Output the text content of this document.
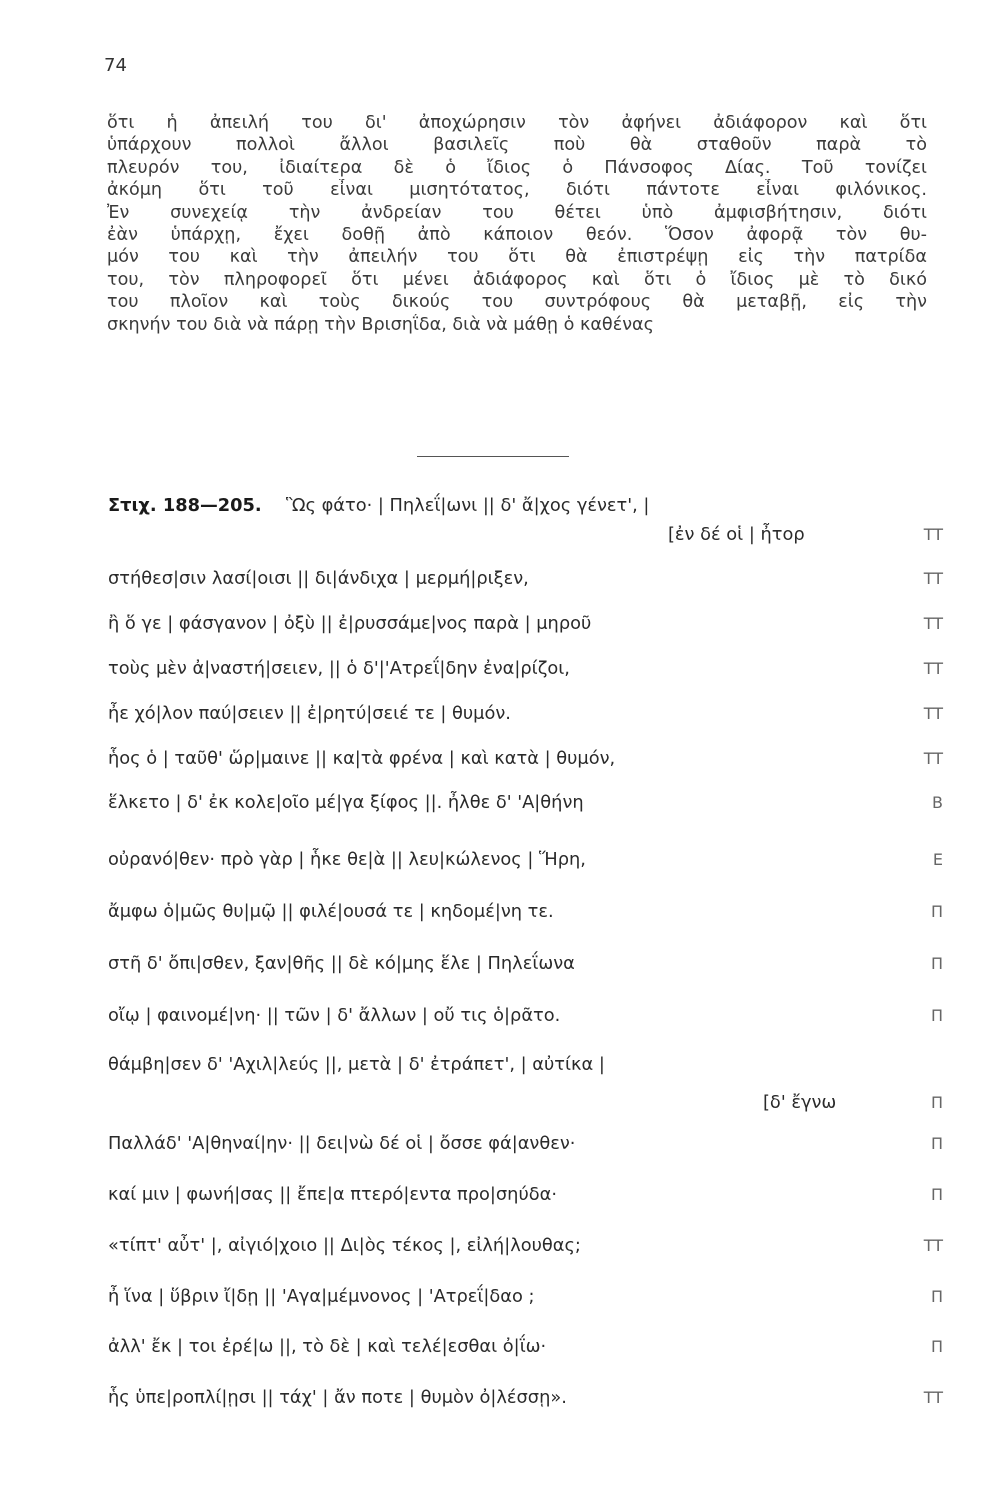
74
ὅτι ἡ ἀπειλή του δι' ἀποχώρησιν τὸν ἀφήνει ἀδιάφορον καὶ ὅτι
ὑπάρχουν πολλοὶ ἄλλοι βασιλεῖς ποὺ θὰ σταθοῦν παρὰ τὸ
πλευρόν του, ἰδιαίτερα δὲ ὁ ἴδιος ὁ Πάνσοφος Δίας. Τοῦ τονίζει
ἀκόμη ὅτι τοῦ εἶναι μισητότατος, διότι πάντοτε εἶναι φιλόνικος.
Ἐν συνεχείᾳ τὴν ἀνδρείαν του θέτει ὑπὸ ἀμφισβήτησιν, διότι
ἐὰν ὑπάρχῃ, ἔχει δοθῇ ἀπὸ κάποιον θεόν. Ὅσον ἀφορᾷ τὸν θυ-
μόν του καὶ τὴν ἀπειλήν του ὅτι θὰ ἐπιστρέψῃ εἰς τὴν πατρίδα
του, τὸν πληροφορεῖ ὅτι μένει ἀδιάφορος καὶ ὅτι ὁ ἴδιος μὲ τὸ δικό
του πλοῖον καὶ τοὺς δικούς του συντρόφους θὰ μεταβῇ, εἰς τὴν
σκηνήν του διὰ νὰ πάρῃ τὴν Βρισηΐδα, διὰ νὰ μάθῃ ὁ καθένας
Στιχ. 188—205. Ὣς φάτο· | Πηλεΐ|ωνι || δ' ἄ|χος γένετ', |
[ἐν δέ οἱ | ἦτορ	TT
στήθεσ|σιν λασί|οισι || δι|άνδιχα | μερμή|ριξεν,	TT
ἢ ὅ γε | φάσγανον | ὀξὺ || ἐ|ρυσσάμε|νος παρὰ | μηροῦ	TT
τοὺς μὲν ἀ|ναστή|σειεν, || ὁ δ'|'Ατρεΐ|δην ἐνα|ρίζοι,	TT
ἦε χό|λον παύ|σειεν || ἐ|ρητύ|σειέ τε | θυμόν.	TT
ἧος ὁ | ταῦθ' ὥρ|μαινε || κα|τὰ φρένα | καὶ κατὰ | θυμόν,	TT
ἕλκετο | δ' ἐκ κολε|οῖο μέ|γα ξίφος ||. ἦλθε δ' 'Α|θήνη	B
οὐρανό|θεν· πρὸ γὰρ | ἧκε θε|ὰ || λευ|κώλενος | Ἥρη,	E
ἄμφω ὁ|μῶς θυ|μῷ || φιλέ|ουσά τε | κηδομέ|νη τε.	Π
στῆ δ' ὄπι|σθεν, ξαν|θῆς || δὲ κό|μης ἕλε | Πηλεΐωνα	Π
οἴῳ | φαινομέ|νη· || τῶν | δ' ἄλλων | οὔ τις ὁ|ρᾶτο.	Π
θάμβη|σεν δ' 'Αχιλ|λεύς ||, μετὰ | δ' ἐτράπετ', | αὐτίκα |
[δ' ἔγνω	Π
Παλλάδ' 'Α|θηναί|ην· || δει|νὼ δέ οἱ | ὄσσε φά|ανθεν·	Π
καί μιν | φωνή|σας || ἔπε|α πτερό|εντα προ|σηύδα·	Π
«τίπτ' αὖτ' |, αἰγιό|χοιο || Δι|ὸς τέκος |, εἰλή|λουθας;	TT
ἦ ἵνα | ὕβριν ἴ|δῃ || 'Αγα|μέμνονος | 'Ατρεΐ|δαο ;	Π
ἀλλ' ἔκ | τοι ἐρέ|ω ||, τὸ δὲ | καὶ τελέ|εσθαι ὀ|ΐω·	Π
ἧς ὑπε|ροπλί|ῃσι || τάχ' | ἄν ποτε | θυμὸν ὀ|λέσσῃ».	TT
